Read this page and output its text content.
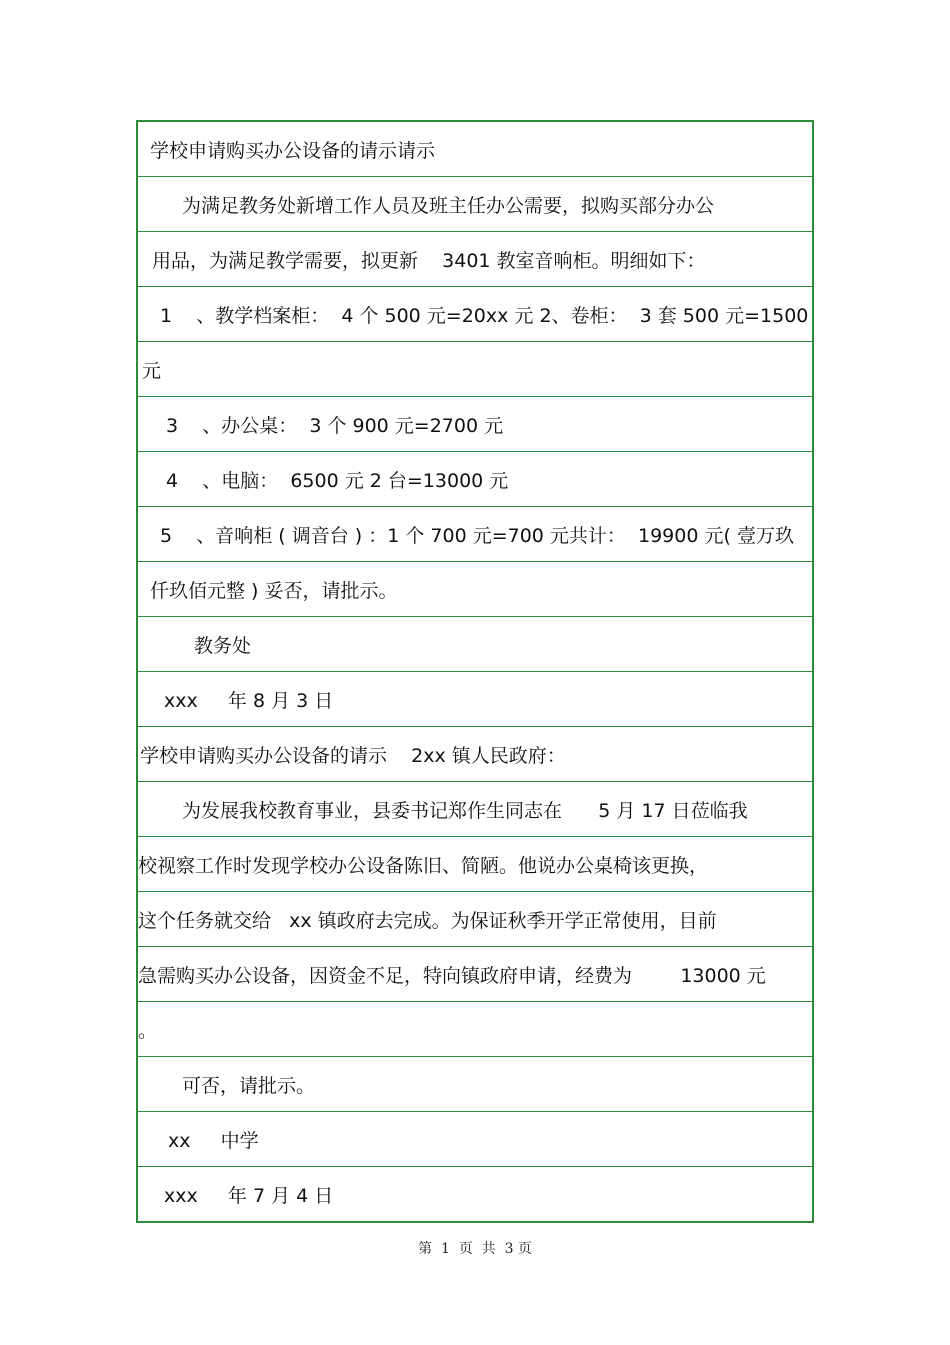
学校申请购买办公设备的请示请示
为满足教务处新增工作人员及班主任办公需要，拟购买部分办公
用品，为满足教学需要，拟更新    3401 教室音响柜。明细如下：
1    、教学档案柜：  4 个 500 元=20xx 元 2、卷柜：  3 套 500 元=1500
元
3    、办公桌：  3 个 900 元=2700 元
4    、电脑：  6500 元 2 台=13000 元
5    、音响柜 ( 调音台 ) ：1 个 700 元=700 元共计：  19900 元( 壹万玖
仟玖佰元整 ) 妥否，请批示。
教务处
xxx     年 8 月 3 日
学校申请购买办公设备的请示    2xx 镇人民政府：
为发展我校教育事业，县委书记郑作生同志在      5 月 17 日莅临我
校视察工作时发现学校办公设备陈旧、简陋。他说办公桌椅该更换，
这个任务就交给   xx 镇政府去完成。为保证秋季开学正常使用，目前
急需购买办公设备，因资金不足，特向镇政府申请，经费为        13000 元
。
可否，请批示。
xx     中学
xxx     年 7 月 4 日
第  1  页  共  3 页
